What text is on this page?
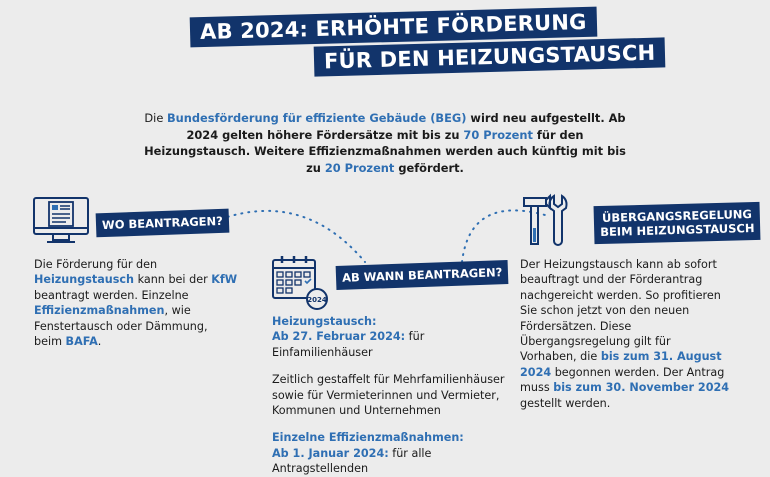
AB 2024: ERHÖHTE FÖRDERUNG
FÜR DEN HEIZUNGSTAUSCH
Die Bundesförderung für effiziente Gebäude (BEG) wird neu aufgestellt. Ab 2024 gelten höhere Fördersätze mit bis zu 70 Prozent für den Heizungstausch. Weitere Effizienzmaßnahmen werden auch künftig mit bis zu 20 Prozent gefördert.
2024
WO BEANTRAGEN?
AB WANN BEANTRAGEN?
ÜBERGANGSREGELUNG
BEIM HEIZUNGSTAUSCH
Die Förderung für den Heizungstausch kann bei der KfW beantragt werden. Einzelne Effizienzmaßnahmen, wie Fenstertausch oder Dämmung, beim BAFA.

Heizungstausch:

Ab 27. Februar 2024: für Einfamilienhäuser

Zeitlich gestaffelt für Mehrfamilienhäuser sowie für Vermieterinnen und Vermieter, Kommunen und Unternehmen

Einzelne Effizienzmaßnahmen:

Ab 1. Januar 2024: für alle Antragstellenden

Der Heizungstausch kann ab sofort beauftragt und der Förderantrag nachgereicht werden. So profitieren Sie schon jetzt von den neuen Fördersätzen. Diese Übergangsregelung gilt für Vorhaben, die bis zum 31. August 2024 begonnen werden. Der Antrag muss bis zum 30. November 2024 gestellt werden.
